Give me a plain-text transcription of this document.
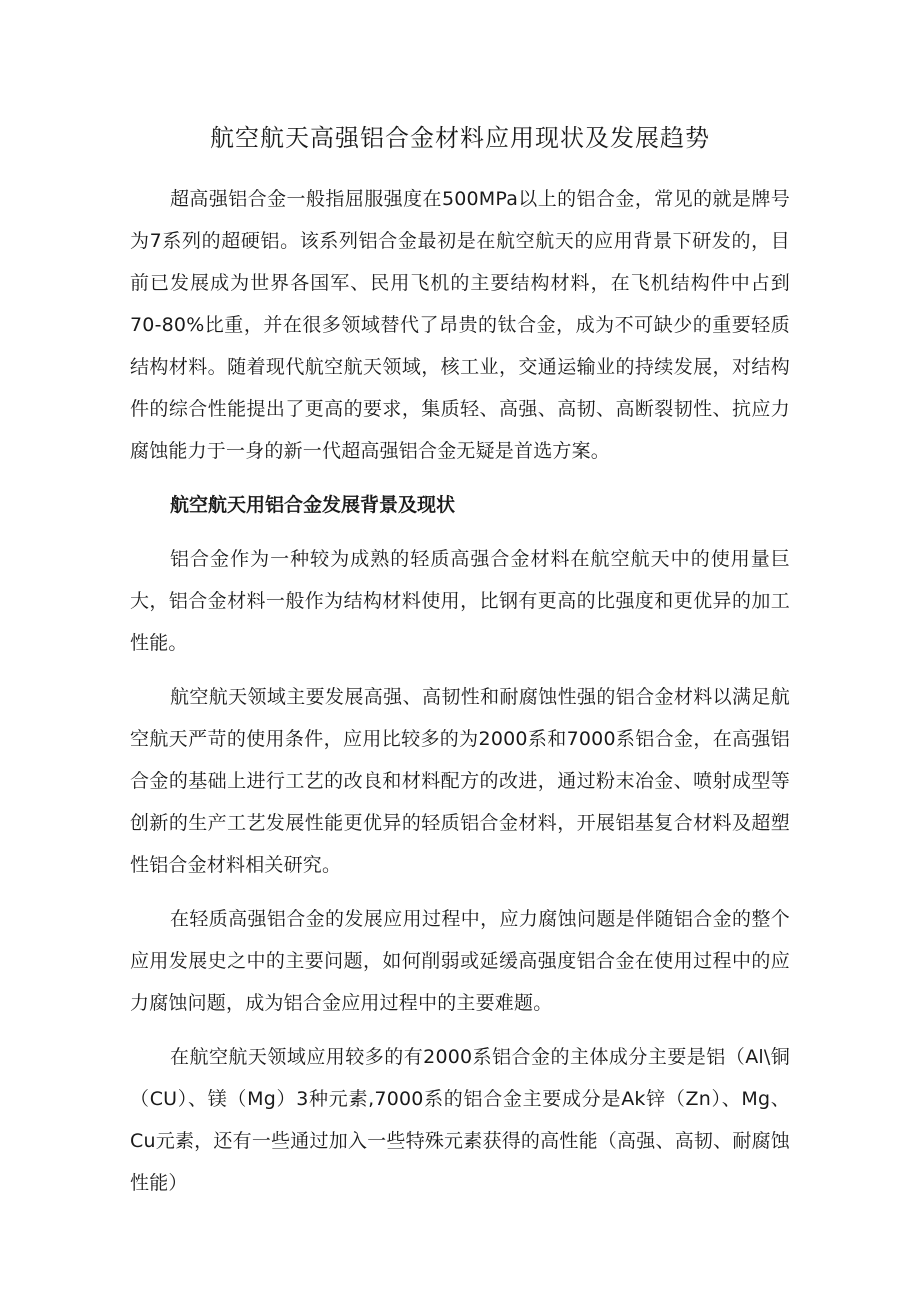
航空航天高强铝合金材料应用现状及发展趋势

超高强铝合金一般指屈服强度在500MPa以上的铝合金，常见的就是牌号为7系列的超硬铝。该系列铝合金最初是在航空航天的应用背景下研发的，目前已发展成为世界各国军、民用飞机的主要结构材料，在飞机结构件中占到70-80%比重，并在很多领域替代了昂贵的钛合金，成为不可缺少的重要轻质结构材料。随着现代航空航天领域，核工业，交通运输业的持续发展，对结构件的综合性能提出了更高的要求，集质轻、高强、高韧、高断裂韧性、抗应力腐蚀能力于一身的新一代超高强铝合金无疑是首选方案。

航空航天用铝合金发展背景及现状

铝合金作为一种较为成熟的轻质高强合金材料在航空航天中的使用量巨大，铝合金材料一般作为结构材料使用，比钢有更高的比强度和更优异的加工性能。

航空航天领域主要发展高强、高韧性和耐腐蚀性强的铝合金材料以满足航空航天严苛的使用条件，应用比较多的为2000系和7000系铝合金，在高强铝合金的基础上进行工艺的改良和材料配方的改进，通过粉末冶金、喷射成型等创新的生产工艺发展性能更优异的轻质铝合金材料，开展铝基复合材料及超塑性铝合金材料相关研究。

在轻质高强铝合金的发展应用过程中，应力腐蚀问题是伴随铝合金的整个应用发展史之中的主要问题，如何削弱或延缓高强度铝合金在使用过程中的应力腐蚀问题，成为铝合金应用过程中的主要难题。

在航空航天领域应用较多的有2000系铝合金的主体成分主要是铝（Al\铜（CU）、镁（Mg）3种元素,7000系的铝合金主要成分是Ak锌（Zn）、Mg、Cu元素，还有一些通过加入一些特殊元素获得的高性能（高强、高韧、耐腐蚀性能）
